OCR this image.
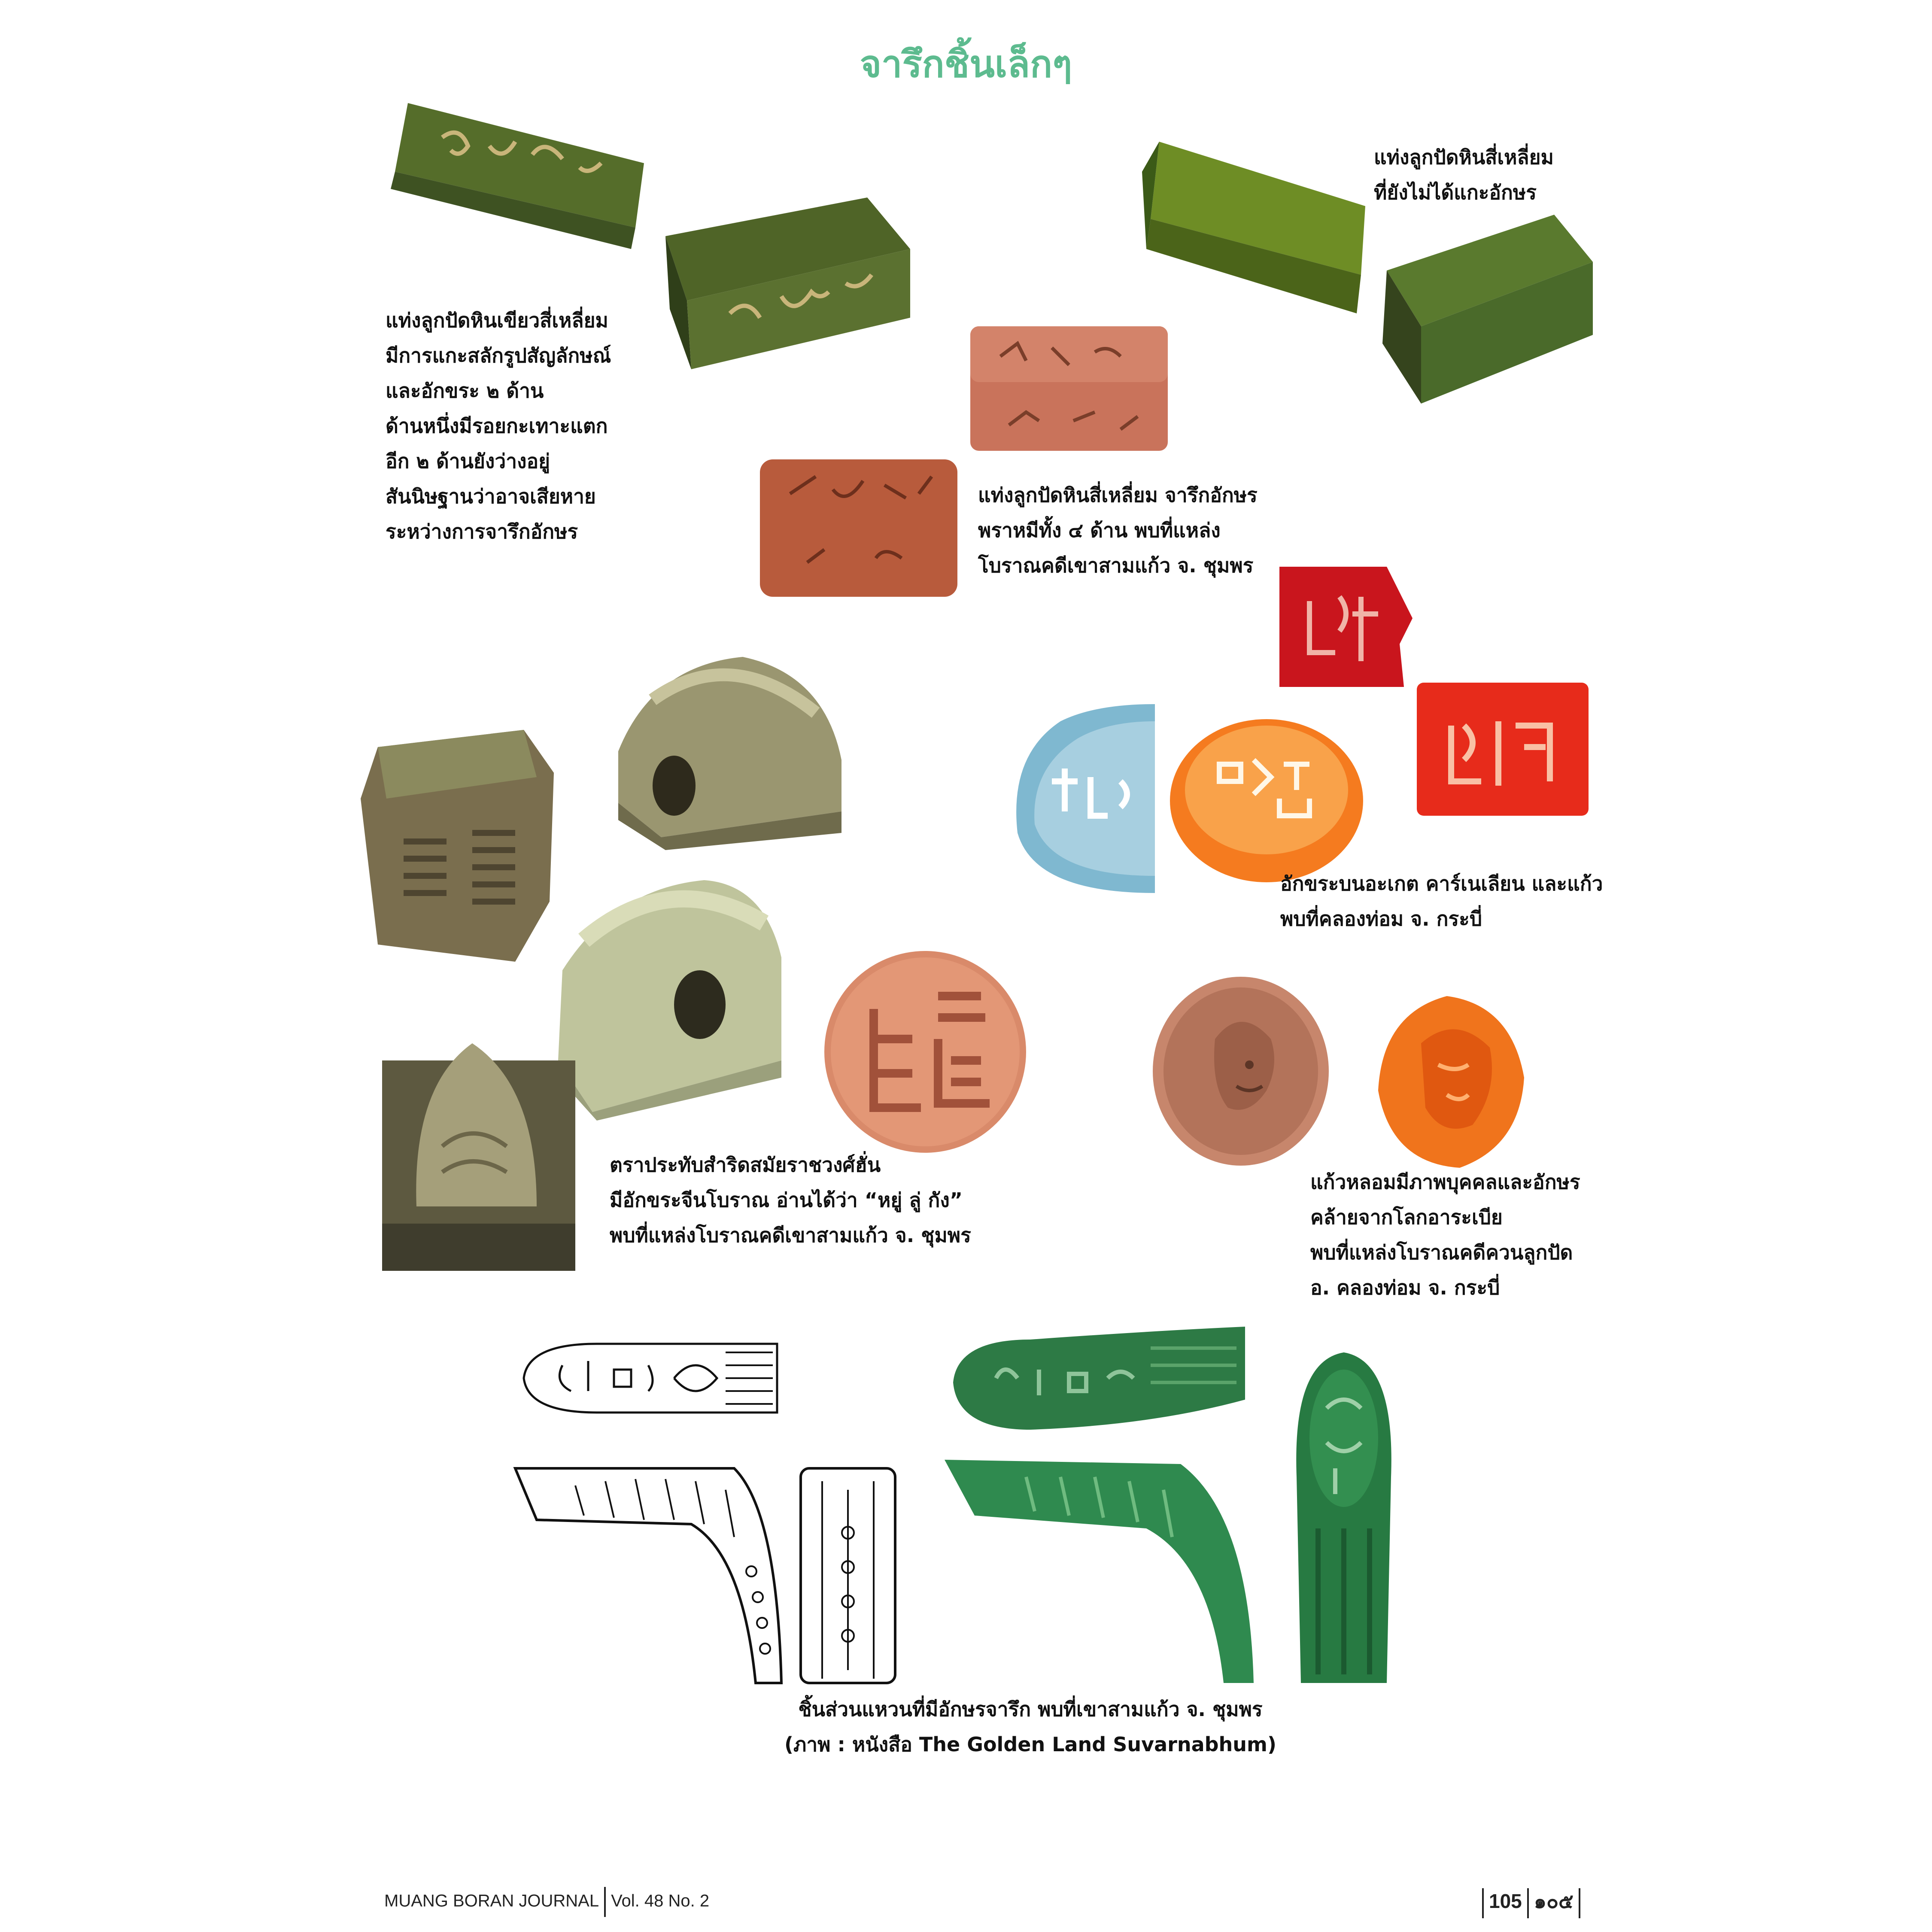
จารึกชิ้นเล็กๆ
แท่งลูกปัดหินเขียวสี่เหลี่ยม
มีการแกะสลักรูปสัญลักษณ์
และอักขระ ๒ ด้าน
ด้านหนึ่งมีรอยกะเทาะแตก
อีก ๒ ด้านยังว่างอยู่
สันนิษฐานว่าอาจเสียหาย
ระหว่างการจารึกอักษร
แท่งลูกปัดหินสี่เหลี่ยม
ที่ยังไม่ได้แกะอักษร
แท่งลูกปัดหินสี่เหลี่ยม จารึกอักษร
พราหมีทั้ง ๔ ด้าน พบที่แหล่ง
โบราณคดีเขาสามแก้ว จ. ชุมพร
ตราประทับสำริดสมัยราชวงศ์ฮั่น
มีอักขระจีนโบราณ อ่านได้ว่า “หยู่ ลู่ กัง”
พบที่แหล่งโบราณคดีเขาสามแก้ว จ. ชุมพร
อักขระบนอะเกต คาร์เนเลียน และแก้ว
พบที่คลองท่อม จ. กระบี่
แก้วหลอมมีภาพบุคคลและอักษร
คล้ายจากโลกอาระเบีย
พบที่แหล่งโบราณคดีควนลูกปัด
อ. คลองท่อม จ. กระบี่
ชิ้นส่วนแหวนที่มีอักษรจารึก พบที่เขาสามแก้ว จ. ชุมพร
(ภาพ : หนังสือ The Golden Land Suvarnabhum)
MUANG BORAN JOURNAL Vol. 48 No. 2	105 ๑๐๕
